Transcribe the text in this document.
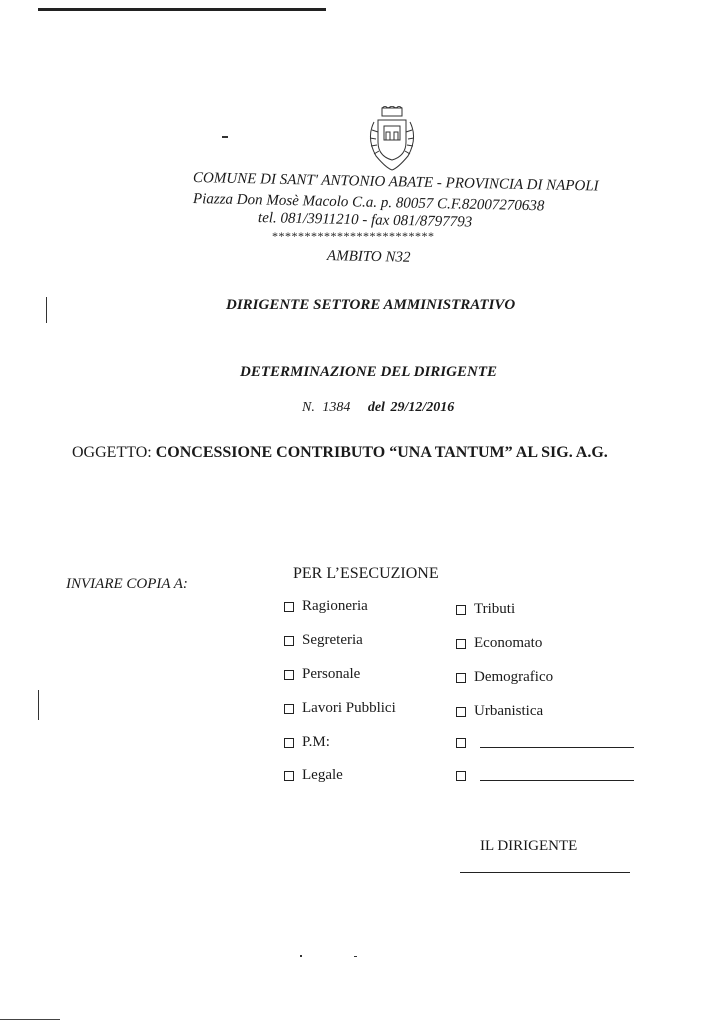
COMUNE DI SANT' ANTONIO ABATE - PROVINCIA DI NAPOLI
Piazza Don Mosè Macolo C.a. p. 80057 C.F.82007270638
tel. 081/3911210 - fax 081/8797793
*************************
AMBITO N32
DIRIGENTE SETTORE AMMINISTRATIVO
DETERMINAZIONE DEL DIRIGENTE
N. 1384 del 29/12/2016
OGGETTO: CONCESSIONE CONTRIBUTO “UNA TANTUM” AL SIG. A.G.
INVIARE COPIA A:
PER L’ESECUZIONE
Ragioneria
Segreteria
Personale
Lavori Pubblici
P.M:
Legale
Tributi
Economato
Demografico
Urbanistica
IL DIRIGENTE
